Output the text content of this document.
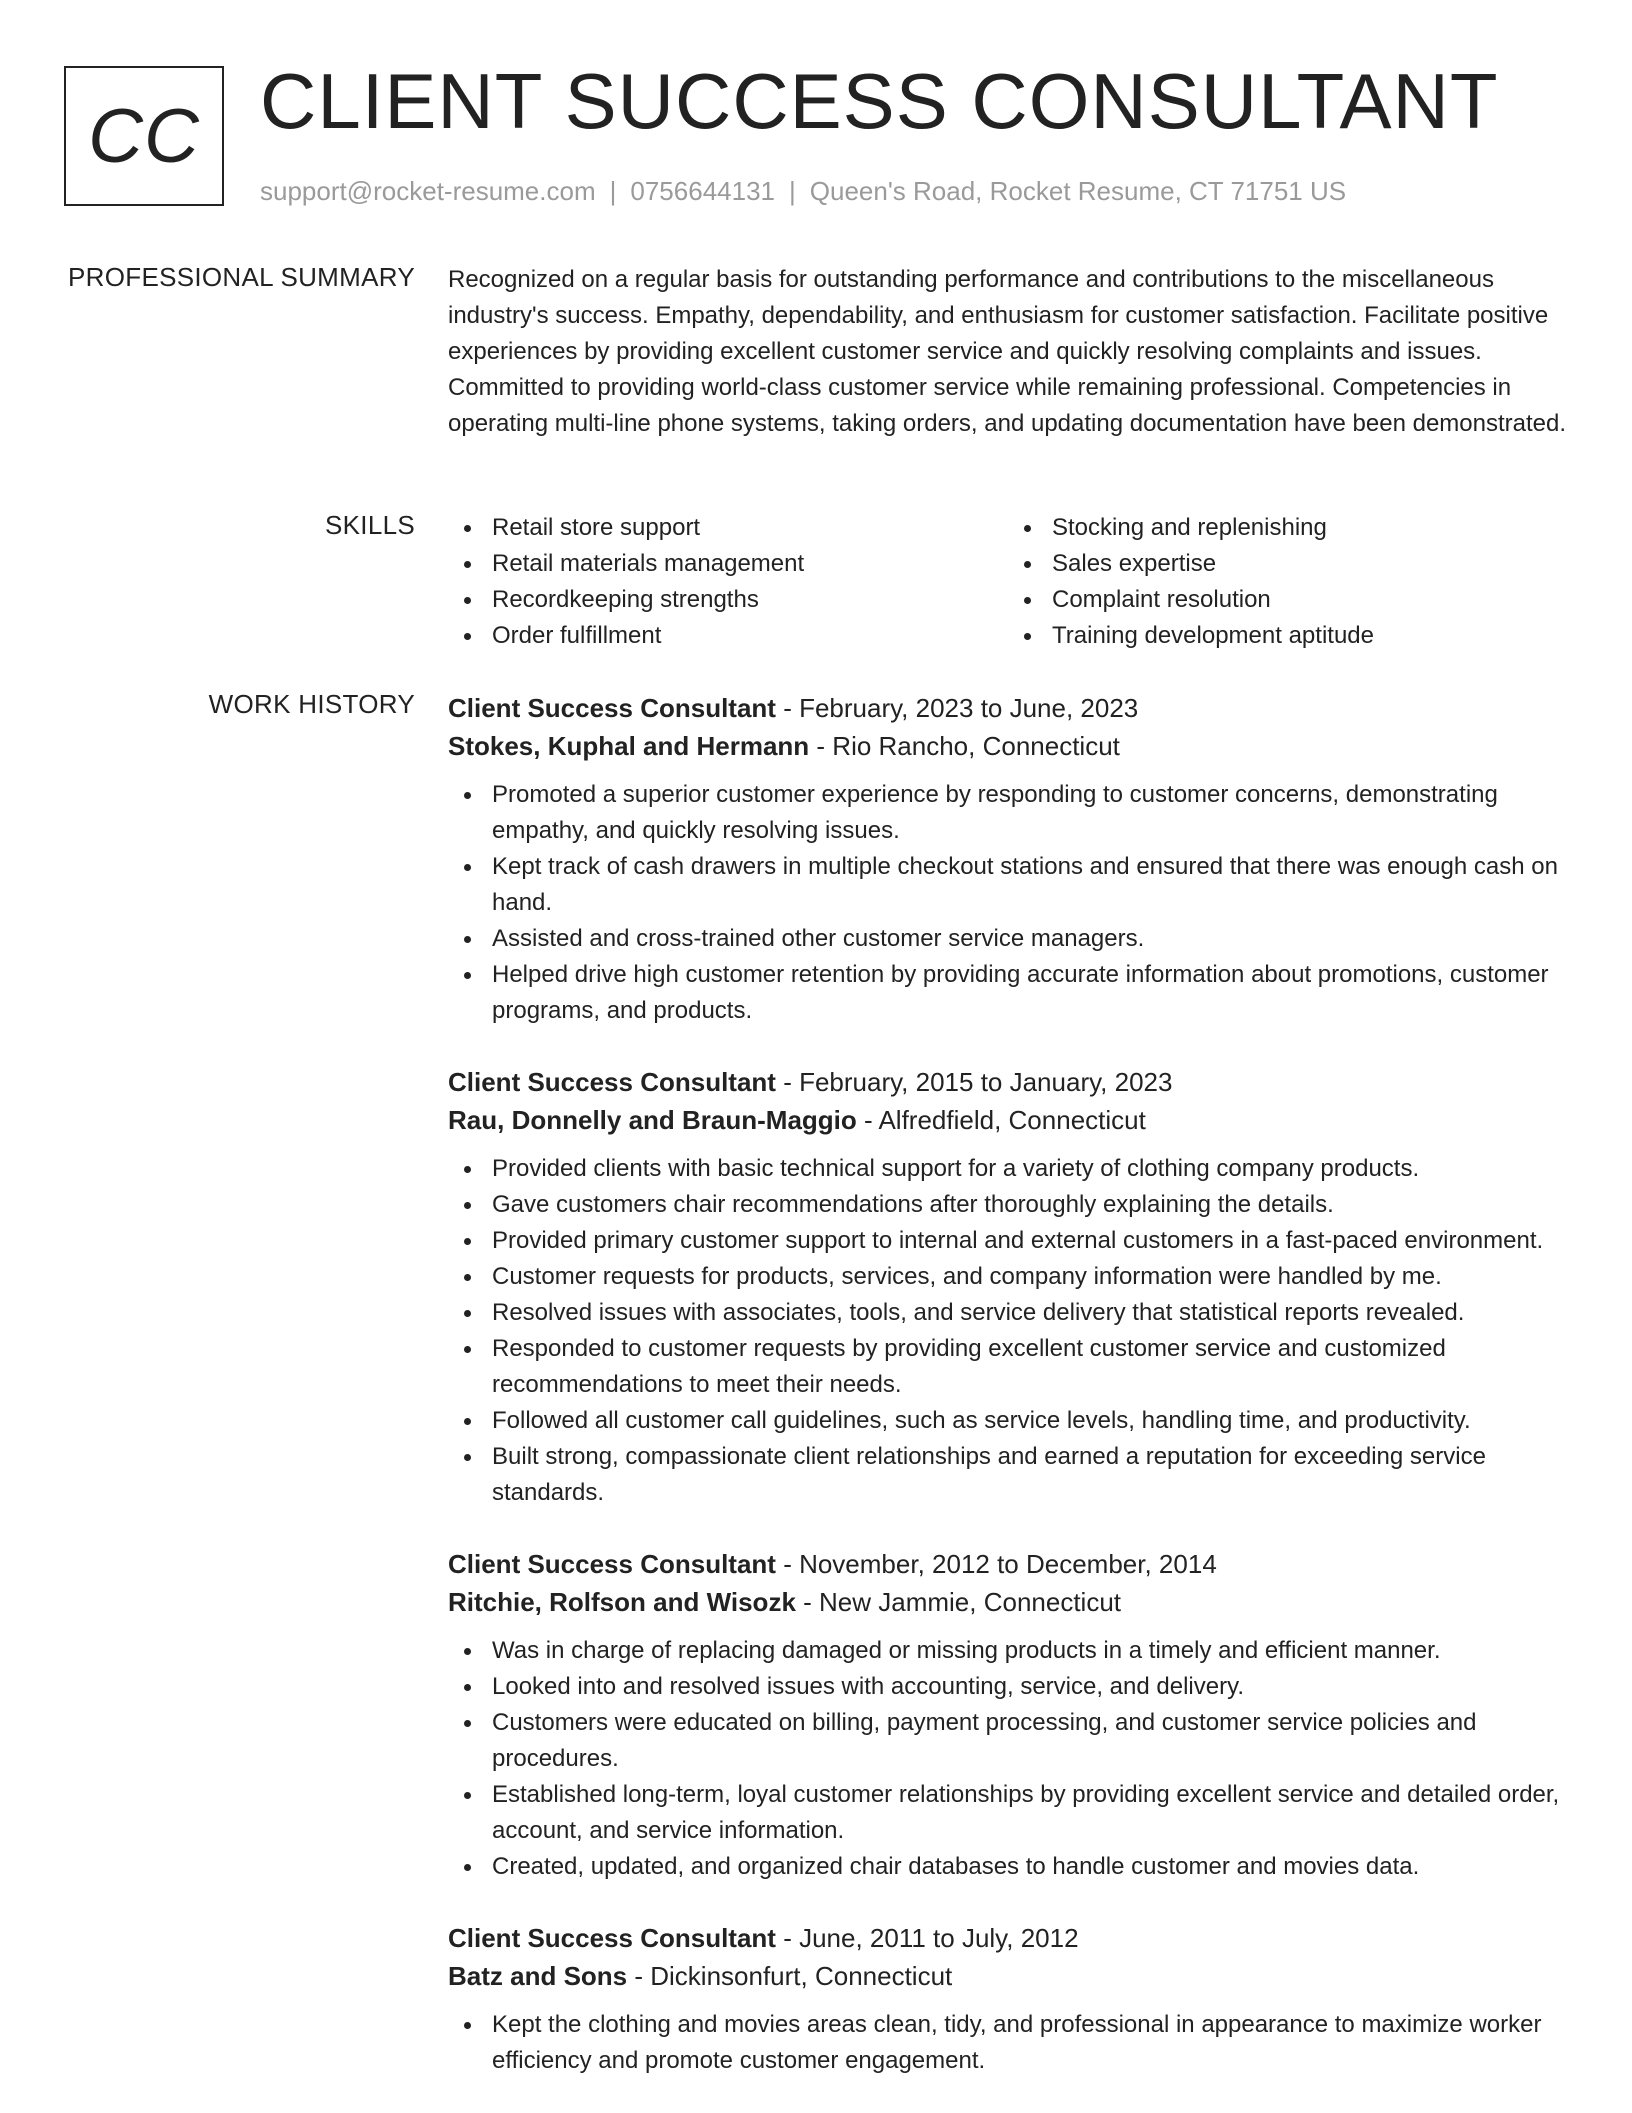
CC CLIENT SUCCESS CONSULTANT
support@rocket-resume.com | 0756644131 | Queen's Road, Rocket Resume, CT 71751 US
PROFESSIONAL SUMMARY Recognized on a regular basis for outstanding performance and contributions to the miscellaneous industry's success. Empathy, dependability, and enthusiasm for customer satisfaction. Facilitate positive experiences by providing excellent customer service and quickly resolving complaints and issues. Committed to providing world-class customer service while remaining professional. Competencies in operating multi-line phone systems, taking orders, and updating documentation have been demonstrated.

SKILLS	Retail store support
Retail materials management
Recordkeeping strengths
Order fulfillment
Stocking and replenishing
Sales expertise
Complaint resolution
Training development aptitude
WORK HISTORY Client Success Consultant - February, 2023 to June, 2023
Stokes, Kuphal and Hermann - Rio Rancho, Connecticut
Promoted a superior customer experience by responding to customer concerns, demonstrating empathy, and quickly resolving issues.
Kept track of cash drawers in multiple checkout stations and ensured that there was enough cash on hand.
Assisted and cross-trained other customer service managers.
Helped drive high customer retention by providing accurate information about promotions, customer programs, and products.
Client Success Consultant - February, 2015 to January, 2023
Rau, Donnelly and Braun-Maggio - Alfredfield, Connecticut
Provided clients with basic technical support for a variety of clothing company products.
Gave customers chair recommendations after thoroughly explaining the details.
Provided primary customer support to internal and external customers in a fast-paced environment.
Customer requests for products, services, and company information were handled by me.
Resolved issues with associates, tools, and service delivery that statistical reports revealed.
Responded to customer requests by providing excellent customer service and customized recommendations to meet their needs.
Followed all customer call guidelines, such as service levels, handling time, and productivity.
Built strong, compassionate client relationships and earned a reputation for exceeding service standards.
Client Success Consultant - November, 2012 to December, 2014
Ritchie, Rolfson and Wisozk - New Jammie, Connecticut
Was in charge of replacing damaged or missing products in a timely and efficient manner.
Looked into and resolved issues with accounting, service, and delivery.
Customers were educated on billing, payment processing, and customer service policies and procedures.
Established long-term, loyal customer relationships by providing excellent service and detailed order, account, and service information.
Created, updated, and organized chair databases to handle customer and movies data.
Client Success Consultant - June, 2011 to July, 2012
Batz and Sons - Dickinsonfurt, Connecticut
Kept the clothing and movies areas clean, tidy, and professional in appearance to maximize worker efficiency and promote customer engagement.
